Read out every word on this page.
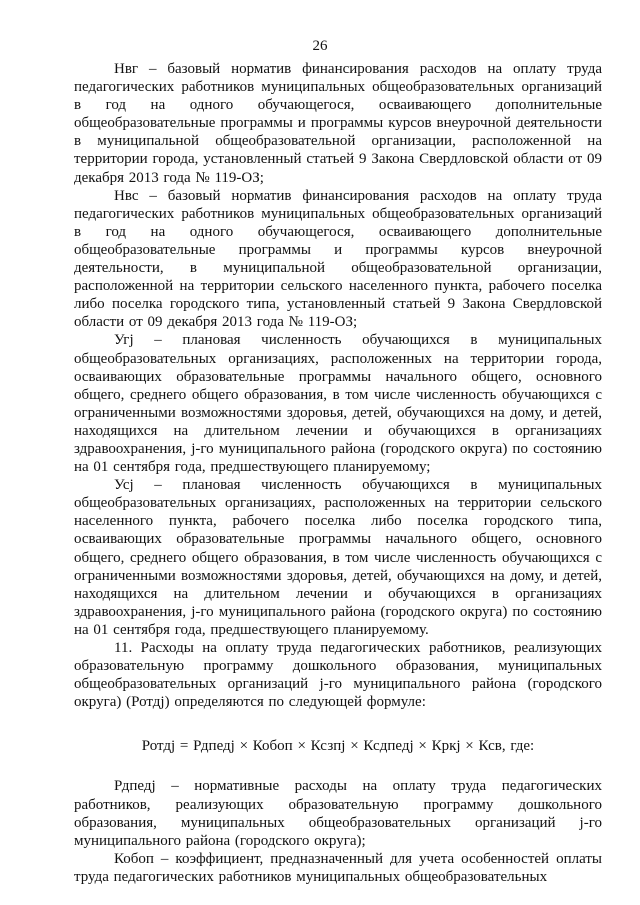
26

Нвг – базовый норматив финансирования расходов на оплату труда педагогических работников муниципальных общеобразовательных организаций в год на одного обучающегося, осваивающего дополнительные общеобразовательные программы и программы курсов внеурочной деятельности в муниципальной общеобразовательной организации, расположенной на территории города, установленный статьей 9 Закона Свердловской области от 09 декабря 2013 года № 119-ОЗ;

Нвс – базовый норматив финансирования расходов на оплату труда педагогических работников муниципальных общеобразовательных организаций в год на одного обучающегося, осваивающего дополнительные общеобразовательные программы и программы курсов внеурочной деятельности, в муниципальной общеобразовательной организации, расположенной на территории сельского населенного пункта, рабочего поселка либо поселка городского типа, установленный статьей 9 Закона Свердловской области от 09 декабря 2013 года № 119-ОЗ;

Угj – плановая численность обучающихся в муниципальных общеобразовательных организациях, расположенных на территории города, осваивающих образовательные программы начального общего, основного общего, среднего общего образования, в том числе численность обучающихся с ограниченными возможностями здоровья, детей, обучающихся на дому, и детей, находящихся на длительном лечении и обучающихся в организациях здравоохранения, j-го муниципального района (городского округа) по состоянию на 01 сентября года, предшествующего планируемому;

Усj – плановая численность обучающихся в муниципальных общеобразовательных организациях, расположенных на территории сельского населенного пункта, рабочего поселка либо поселка городского типа, осваивающих образовательные программы начального общего, основного общего, среднего общего образования, в том числе численность обучающихся с ограниченными возможностями здоровья, детей, обучающихся на дому, и детей, находящихся на длительном лечении и обучающихся в организациях здравоохранения, j-го муниципального района (городского округа) по состоянию на 01 сентября года, предшествующего планируемому.

11. Расходы на оплату труда педагогических работников, реализующих образовательную программу дошкольного образования, муниципальных общеобразовательных организаций j-го муниципального района (городского округа) (Ротдj) определяются по следующей формуле:

Ротдj = Рдпедj × Кобоп × Ксзпj × Ксдпедj × Кркj × Ксв, где:

Рдпедj – нормативные расходы на оплату труда педагогических работников, реализующих образовательную программу дошкольного образования, муниципальных общеобразовательных организаций j-го муниципального района (городского округа);

Кобоп – коэффициент, предназначенный для учета особенностей оплаты труда педагогических работников муниципальных общеобразовательных
